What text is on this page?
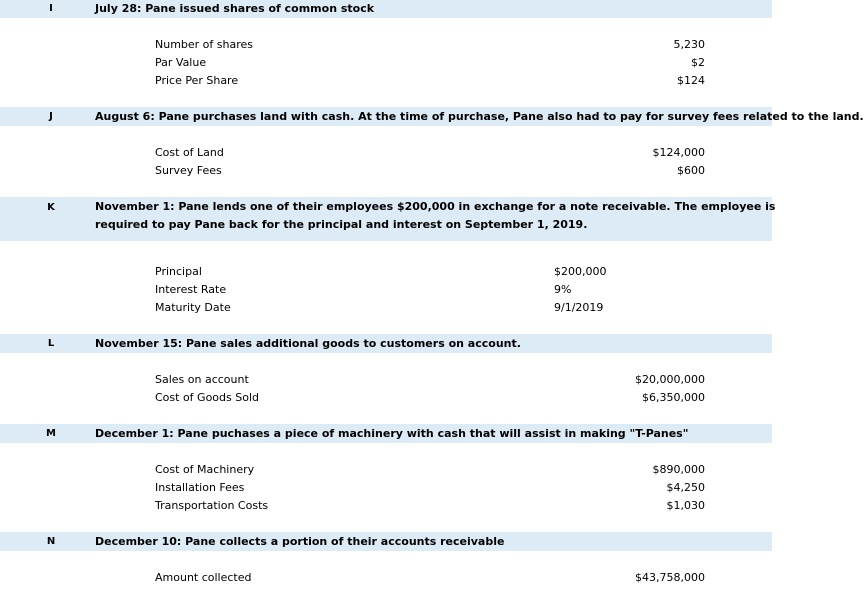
I	July 28: Pane issued shares of common stock
Number of shares	5,230
Par Value	$2
Price Per Share	$124
J	August 6: Pane purchases land with cash. At the time of purchase, Pane also had to pay for survey fees related to the land.
Cost of Land	$124,000
Survey Fees	$600
K	November 1: Pane lends one of their employees $200,000 in exchange for a note receivable. The employee is
required to pay Pane back for the principal and interest on September 1, 2019.
Principal	$200,000
Interest Rate	9%
Maturity Date	9/1/2019
L	November 15: Pane sales additional goods to customers on account.
Sales on account	$20,000,000
Cost of Goods Sold	$6,350,000
M	December 1: Pane puchases a piece of machinery with cash that will assist in making "T-Panes"
Cost of Machinery	$890,000
Installation Fees	$4,250
Transportation Costs	$1,030
N	December 10: Pane collects a portion of their accounts receivable
Amount collected	$43,758,000
